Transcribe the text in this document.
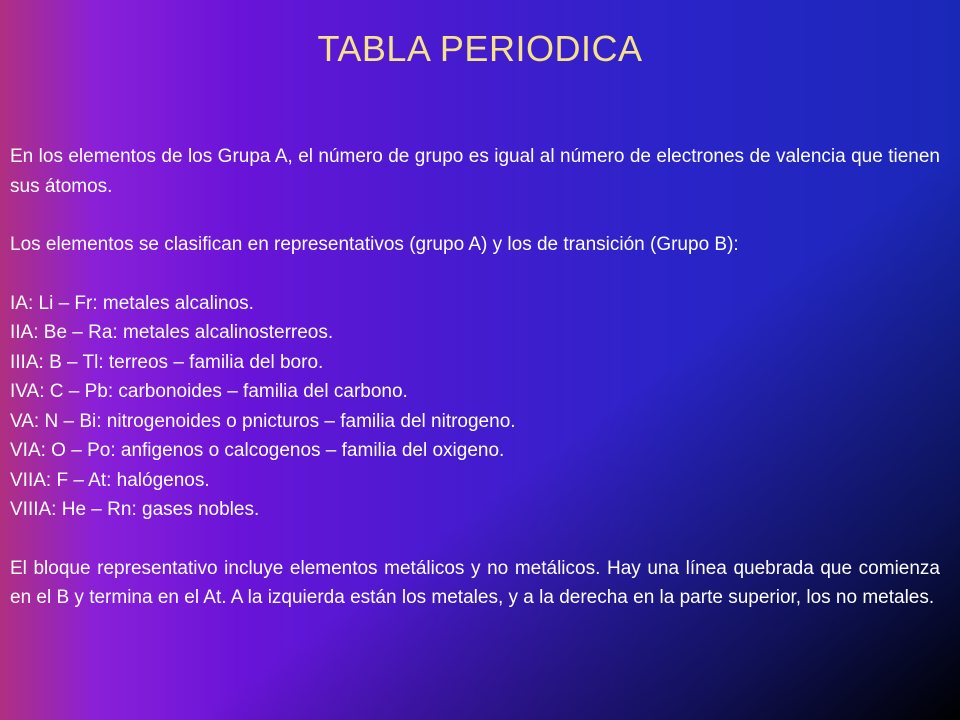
TABLA PERIODICA

En los elementos de los Grupa A, el número de grupo es igual al número de electrones de valencia que tienen sus átomos.

Los elementos se clasifican en representativos (grupo A) y los de transición (Grupo B):

IA: Li – Fr: metales alcalinos.
IIA: Be – Ra: metales alcalinosterreos.
IIIA: B – Tl: terreos – familia del boro.
IVA: C – Pb: carbonoides – familia del carbono.
VA: N – Bi: nitrogenoides o pnicturos – familia del nitrogeno.
VIA: O – Po: anfigenos o calcogenos – familia del oxigeno.
VIIA: F – At: halógenos.
VIIIA: He – Rn: gases nobles.

El bloque representativo incluye elementos metálicos y no metálicos. Hay una línea quebrada que comienza en el B y termina en el At. A la izquierda están los metales, y a la derecha en la parte superior, los no metales.
